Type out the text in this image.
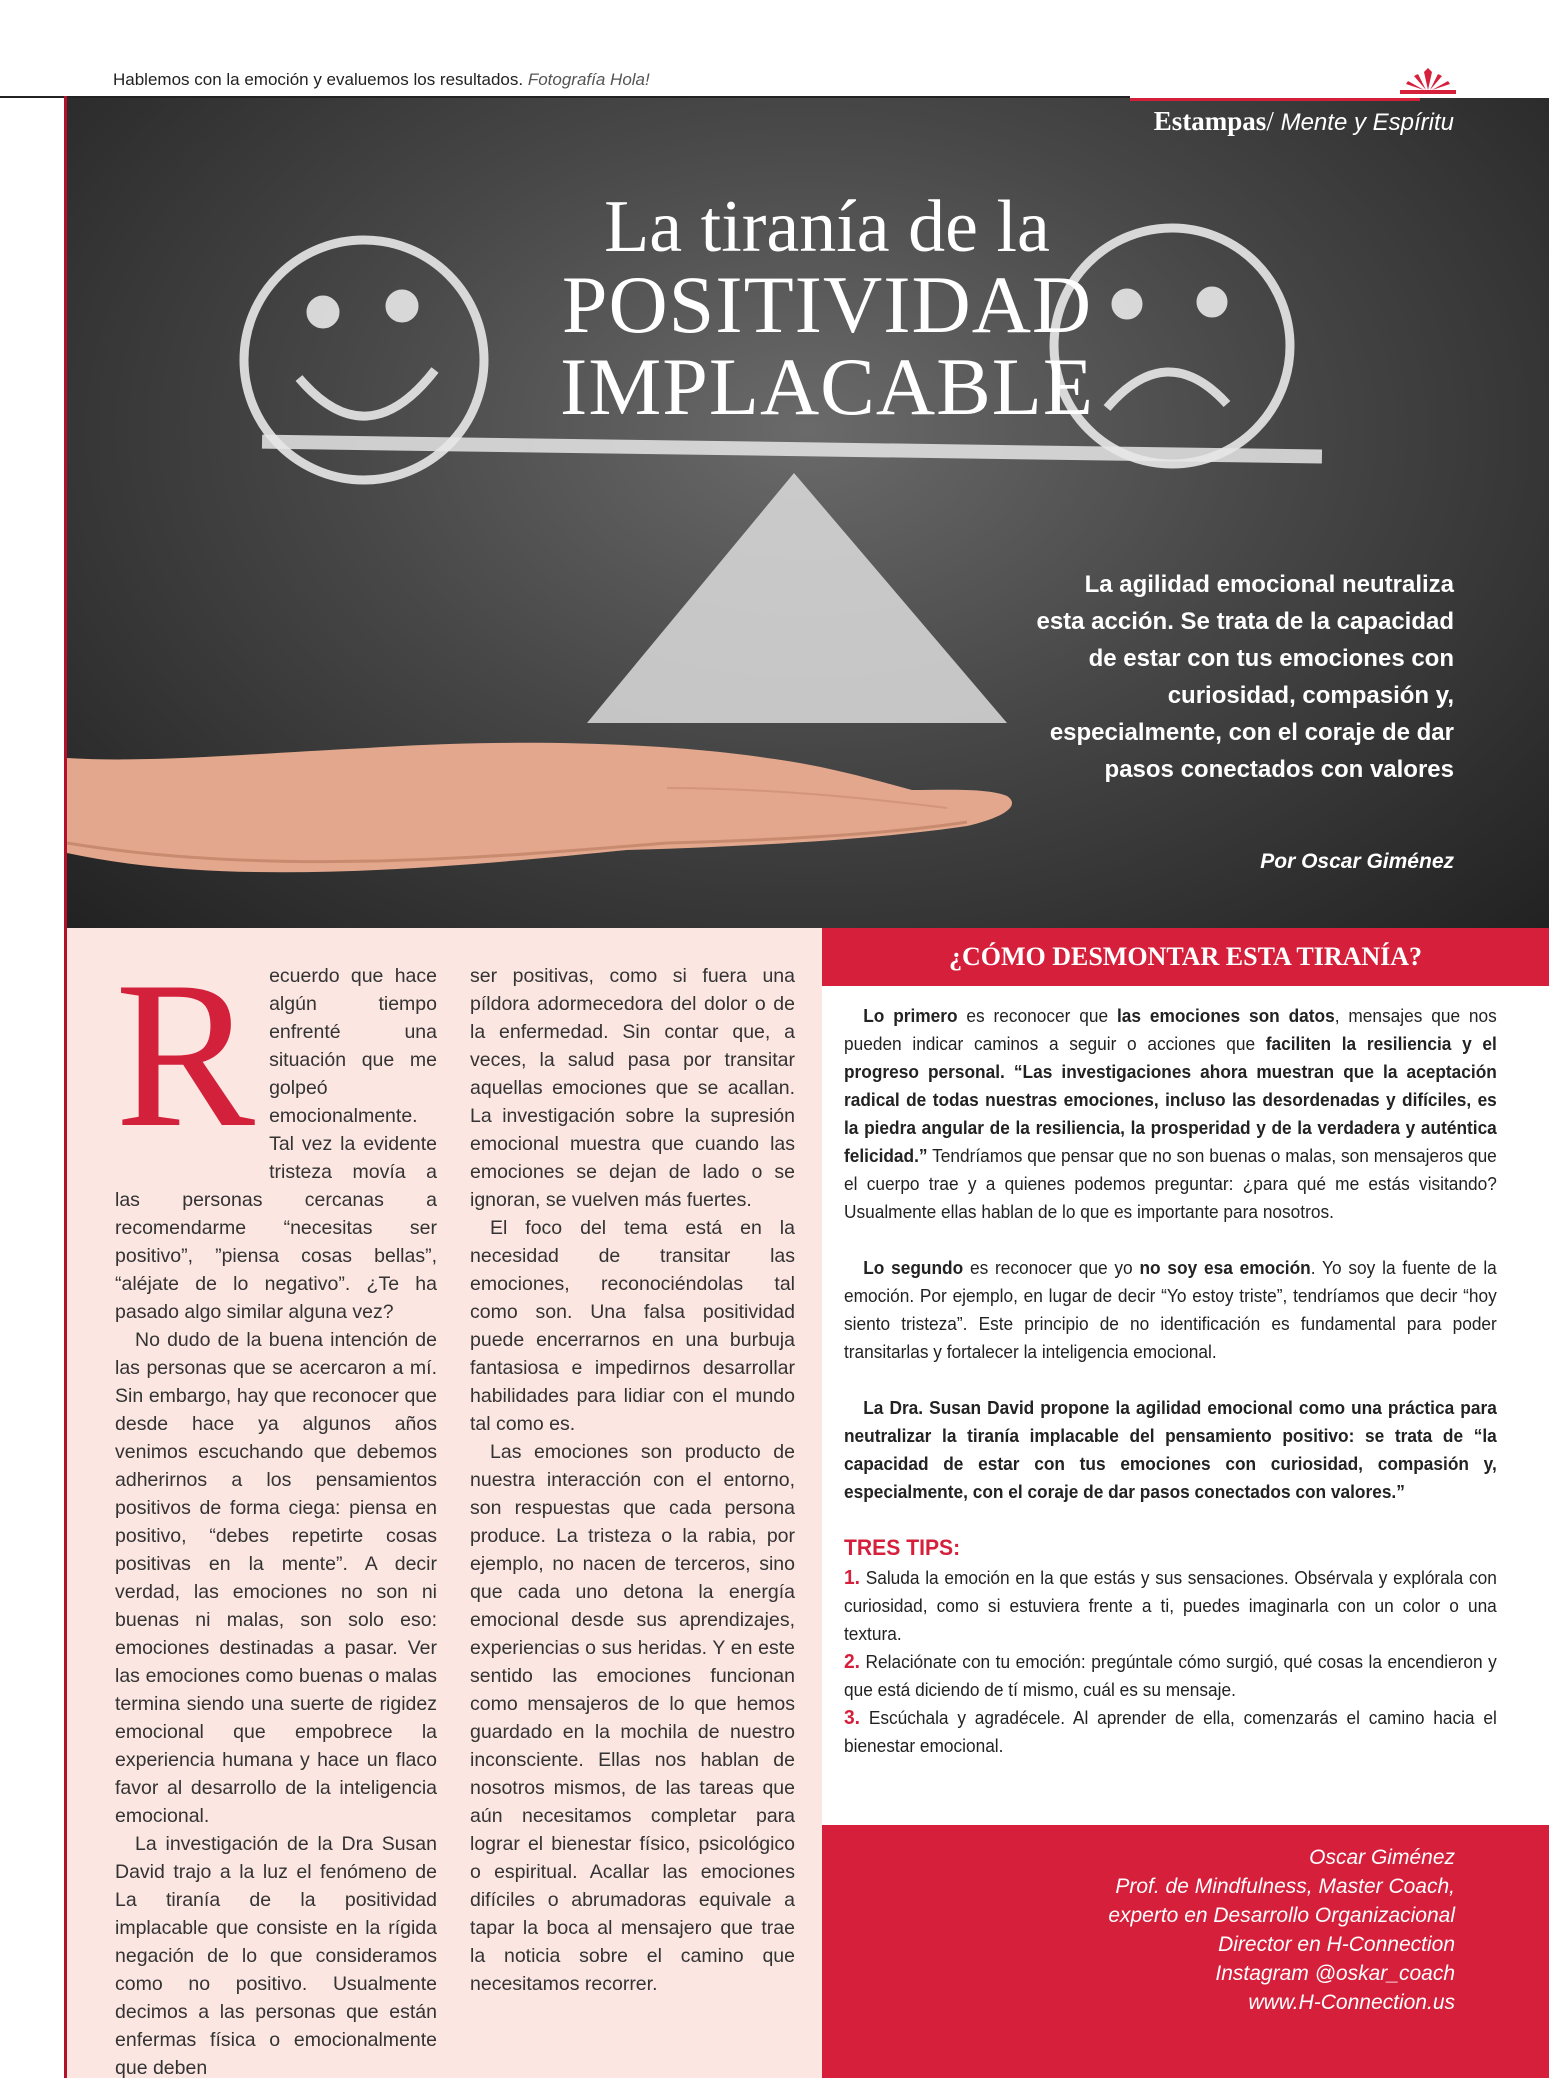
Hablemos con la emoción y evaluemos los resultados. Fotografía Hola!
Estampas/ Mente y Espíritu
La tiranía de la
POSITIVIDAD
IMPLACABLE
La agilidad emocional neutraliza esta acción. Se trata de la capacidad de estar con tus emociones con curiosidad, compasión y, especialmente, con el coraje de dar pasos conectados con valores
Por Oscar Giménez
R ecuerdo que hace algún tiempo enfrenté una situación que me golpeó emocionalmente. Tal vez la evidente tristeza movía a las personas cercanas a recomendarme “necesitas ser positivo”, ”piensa cosas bellas”, “aléjate de lo negativo”. ¿Te ha pasado algo similar alguna vez?

No dudo de la buena intención de las personas que se acercaron a mí. Sin embargo, hay que reconocer que desde hace ya algunos años venimos escuchando que debemos adherirnos a los pensamientos positivos de forma ciega: piensa en positivo, “debes repetirte cosas positivas en la mente”. A decir verdad, las emociones no son ni buenas ni malas, son solo eso: emociones destinadas a pasar. Ver las emociones como buenas o malas termina siendo una suerte de rigidez emocional que empobrece la experiencia humana y hace un flaco favor al desarrollo de la inteligencia emocional.

La investigación de la Dra Susan David trajo a la luz el fenómeno de La tiranía de la positividad implacable que consiste en la rígida negación de lo que consideramos como no positivo. Usualmente decimos a las personas que están enfermas física o emocionalmente que deben

ser positivas, como si fuera una píldora adormecedora del dolor o de la enfermedad. Sin contar que, a veces, la salud pasa por transitar aquellas emociones que se acallan. La investigación sobre la supresión emocional muestra que cuando las emociones se dejan de lado o se ignoran, se vuelven más fuertes.

El foco del tema está en la necesidad de transitar las emociones, reconociéndolas tal como son. Una falsa positividad puede encerrarnos en una burbuja fantasiosa e impedirnos desarrollar habilidades para lidiar con el mundo tal como es.

Las emociones son producto de nuestra interacción con el entorno, son respuestas que cada persona produce. La tristeza o la rabia, por ejemplo, no nacen de terceros, sino que cada uno detona la energía emocional desde sus aprendizajes, experiencias o sus heridas. Y en este sentido las emociones funcionan como mensajeros de lo que hemos guardado en la mochila de nuestro inconsciente. Ellas nos hablan de nosotros mismos, de las tareas que aún necesitamos completar para lograr el bienestar físico, psicológico o espiritual. Acallar las emociones difíciles o abrumadoras equivale a tapar la boca al mensajero que trae la noticia sobre el camino que necesitamos recorrer.

¿CÓMO DESMONTAR ESTA TIRANÍA?

Lo primero es reconocer que las emociones son datos, mensajes que nos pueden indicar caminos a seguir o acciones que faciliten la resiliencia y el progreso personal. “Las investigaciones ahora muestran que la aceptación radical de todas nuestras emociones, incluso las desordenadas y difíciles, es la piedra angular de la resiliencia, la prosperidad y de la verdadera y auténtica felicidad.” Tendríamos que pensar que no son buenas o malas, son mensajeros que el cuerpo trae y a quienes podemos preguntar: ¿para qué me estás visitando? Usualmente ellas hablan de lo que es importante para nosotros.

Lo segundo es reconocer que yo no soy esa emoción. Yo soy la fuente de la emoción. Por ejemplo, en lugar de decir “Yo estoy triste”, tendríamos que decir “hoy siento tristeza”. Este principio de no identificación es fundamental para poder transitarlas y fortalecer la inteligencia emocional.

La Dra. Susan David propone la agilidad emocional como una práctica para neutralizar la tiranía implacable del pensamiento positivo: se trata de “la capacidad de estar con tus emociones con curiosidad, compasión y, especialmente, con el coraje de dar pasos conectados con valores.”

TRES TIPS:

1. Saluda la emoción en la que estás y sus sensaciones. Obsérvala y explórala con curiosidad, como si estuviera frente a ti, puedes imaginarla con un color o una textura.

2. Relaciónate con tu emoción: pregúntale cómo surgió, qué cosas la encendieron y que está diciendo de tí mismo, cuál es su mensaje.

3. Escúchala y agradécele. Al aprender de ella, comenzarás el camino hacia el bienestar emocional.

Oscar Giménez
Prof. de Mindfulness, Master Coach,
experto en Desarrollo Organizacional
Director en H-Connection
Instagram @oskar_coach
www.H-Connection.us
